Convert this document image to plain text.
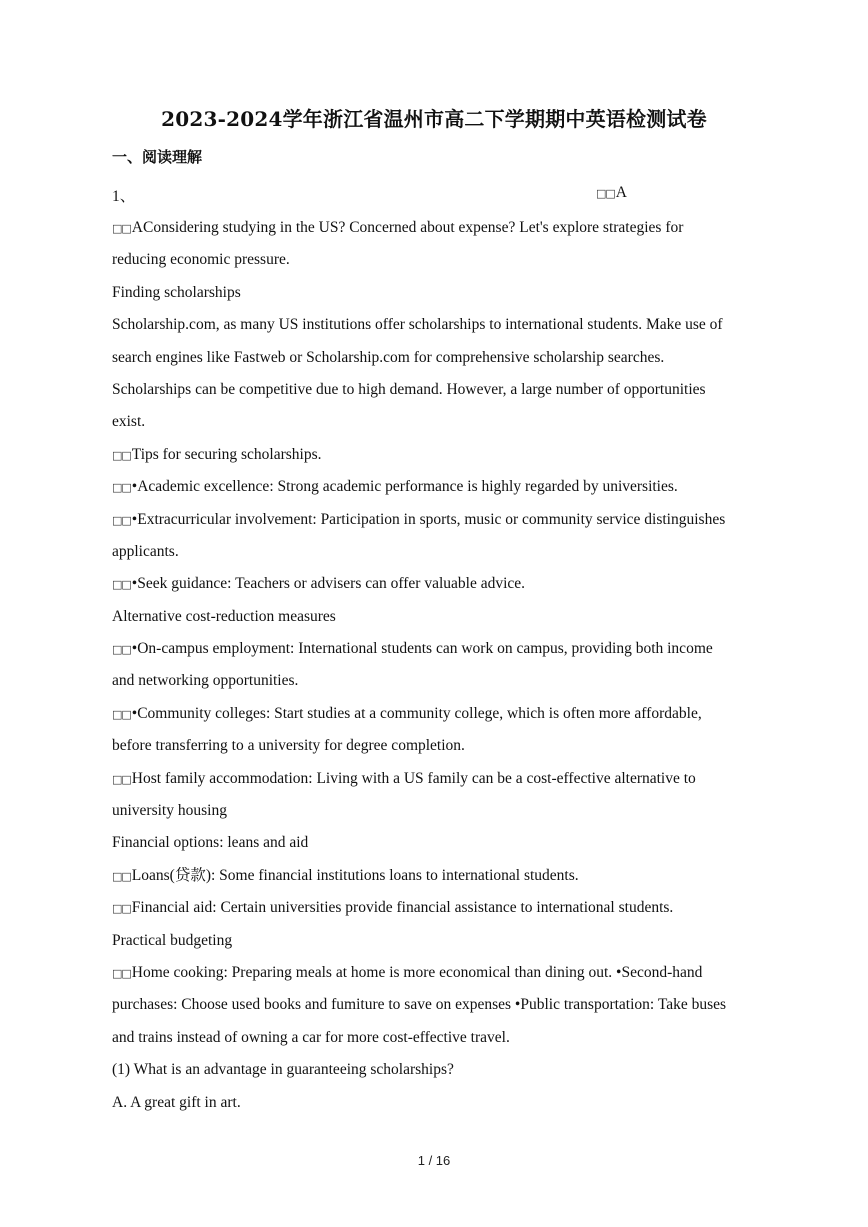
2023-2024学年浙江省温州市高二下学期期中英语检测试卷
一、阅读理解
1、	□□A
□□AConsidering studying in the US? Concerned about expense? Let's explore strategies for
reducing economic pressure.
Finding scholarships
Scholarship.com, as many US institutions offer scholarships to international students. Make use of
search engines like Fastweb or Scholarship.com for comprehensive scholarship searches.
Scholarships can be competitive due to high demand. However, a large number of opportunities
exist.
□□Tips for securing scholarships.
□□•Academic excellence: Strong academic performance is highly regarded by universities.
□□•Extracurricular involvement: Participation in sports, music or community service distinguishes
applicants.
□□•Seek guidance: Teachers or advisers can offer valuable advice.
Alternative cost-reduction measures
□□•On-campus employment: International students can work on campus, providing both income
and networking opportunities.
□□•Community colleges: Start studies at a community college, which is often more affordable,
before transferring to a university for degree completion.
□□Host family accommodation: Living with a US family can be a cost-effective alternative to
university housing
Financial options: leans and aid
□□Loans(贷款): Some financial institutions loans to international students.
□□Financial aid: Certain universities provide financial assistance to international students.
Practical budgeting
□□Home cooking: Preparing meals at home is more economical than dining out. •Second-hand
purchases: Choose used books and fumiture to save on expenses •Public transportation: Take buses
and trains instead of owning a car for more cost-effective travel.
(1) What is an advantage in guaranteeing scholarships?
A. A great gift in art.
1 / 16
